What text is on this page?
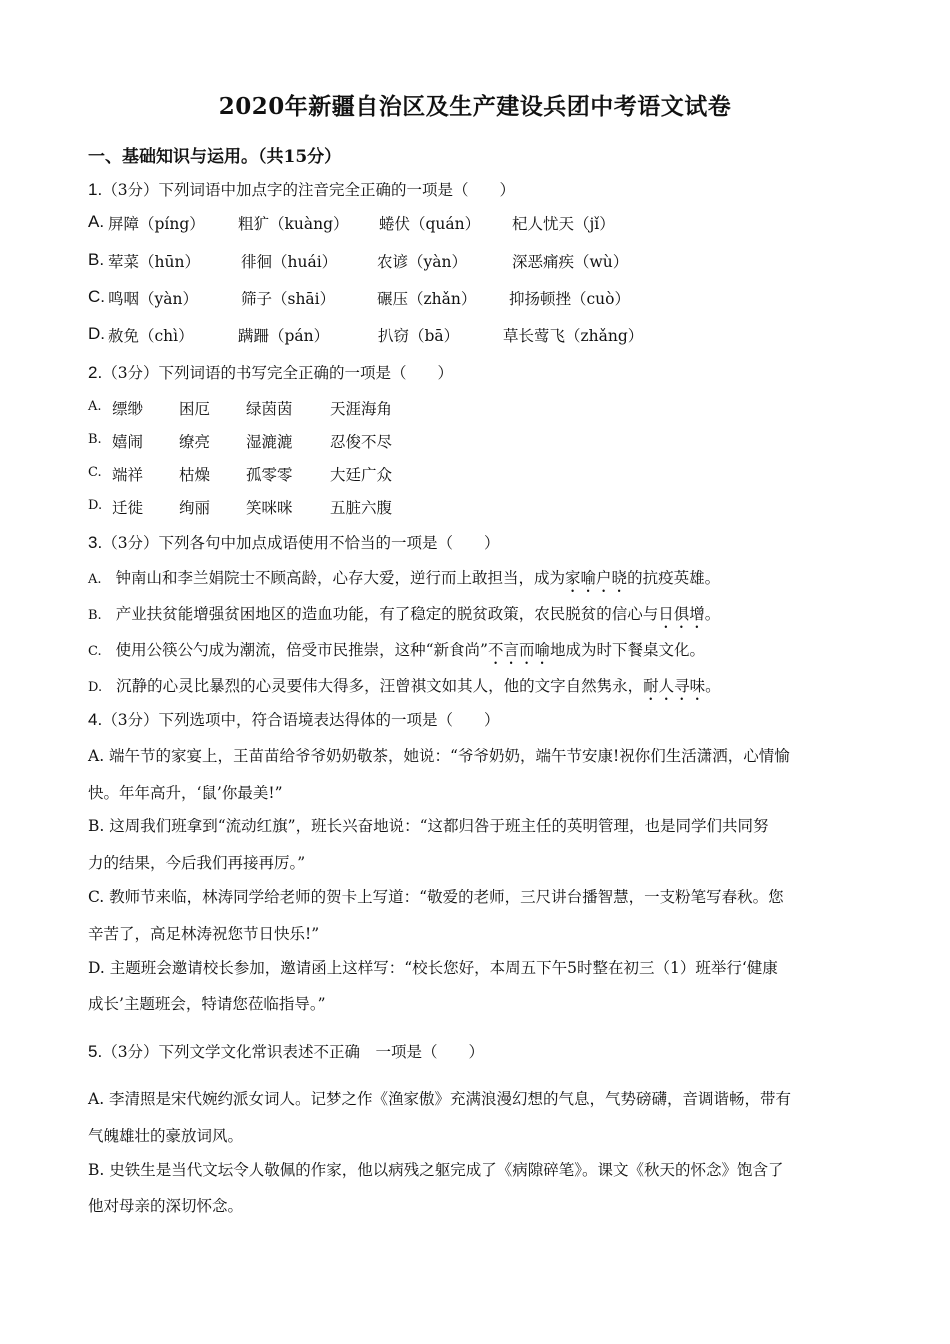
2020年新疆自治区及生产建设兵团中考语文试卷
一、基础知识与运用。（共15分）
1.（3分）下列词语中加点字的注音完全正确的一项是（　　）
A. 屏障（píng） 粗犷（kuàng） 蜷伏（quán） 杞人忧天（jǐ）
B. 荤菜（hūn）	徘徊（huái）	农谚（yàn）	深恶痛疾（wù）
C. 鸣咽（yàn）	筛子（shāi）	碾压（zhǎn） 抑扬顿挫（cuò）
D. 赦免（chì）	蹒跚（pán）	扒窃（bā）	草长莺飞（zhǎng）
2.（3分）下列词语的书写完全正确的一项是（　　）
A. 缥缈 困厄 绿茵茵 天涯海角
B. 嬉闹 缭亮 湿漉漉 忍俊不尽
C. 端祥 枯燥 孤零零 大廷广众
D. 迁徙 绚丽 笑咪咪 五脏六腹
3.（3分）下列各句中加点成语使用不恰当的一项是（　　）
A. 钟南山和李兰娟院士不顾高龄，心存大爱，逆行而上敢担当，成为家喻户晓的抗疫英雄。
B. 产业扶贫能增强贫困地区的造血功能，有了稳定的脱贫政策，农民脱贫的信心与日俱增。
C. 使用公筷公勺成为潮流，倍受市民推崇，这种“新食尚”不言而喻地成为时下餐桌文化。
D. 沉静的心灵比暴烈的心灵要伟大得多，汪曾祺文如其人，他的文字自然隽永，耐人寻味。
4.（3分）下列选项中，符合语境表达得体的一项是（　　）
A. 端午节的家宴上，王苗苗给爷爷奶奶敬茶，她说：“爷爷奶奶，端午节安康!祝你们生活潇洒，心情愉
快。年年高升，‘鼠’你最美!”
B. 这周我们班拿到“流动红旗”，班长兴奋地说：“这都归咎于班主任的英明管理，也是同学们共同努
力的结果，今后我们再接再厉。”
C. 教师节来临，林涛同学给老师的贺卡上写道：“敬爱的老师，三尺讲台播智慧，一支粉笔写春秋。您
辛苦了，高足林涛祝您节日快乐!”
D. 主题班会邀请校长参加，邀请函上这样写：“校长您好，本周五下午5时整在初三（1）班举行‘健康
成长’主题班会，特请您莅临指导。”
5.（3分）下列文学文化常识表述不正确　一项是（　　）
A. 李清照是宋代婉约派女词人。记梦之作《渔家傲》充满浪漫幻想的气息，气势磅礴，音调谐畅，带有
气魄雄壮的豪放词风。
B. 史铁生是当代文坛令人敬佩的作家，他以病残之躯完成了《病隙碎笔》。课文《秋天的怀念》饱含了
他对母亲的深切怀念。
